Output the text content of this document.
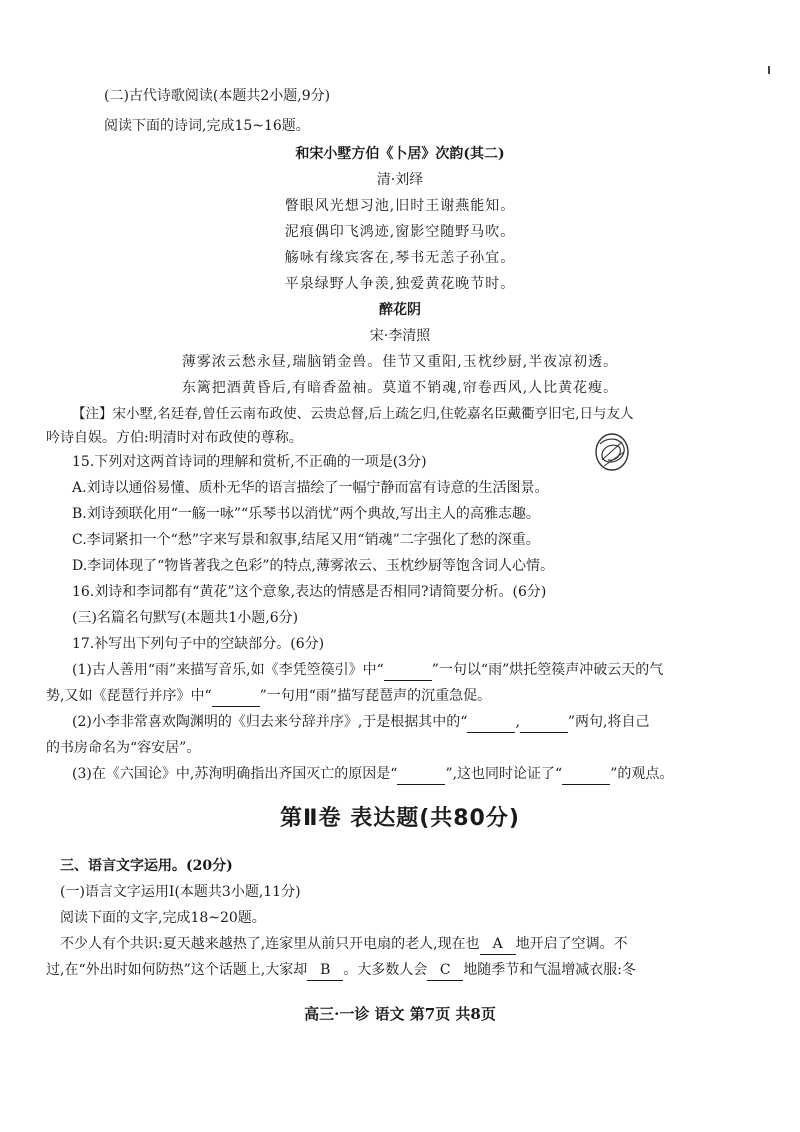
(二)古代诗歌阅读(本题共2小题,9分)
阅读下面的诗词,完成15~16题。
和宋小墅方伯《卜居》次韵(其二)
清·刘绎
瞥眼风光想习池,旧时王谢燕能知。
泥痕偶印飞鸿迹,窗影空随野马吹。
觞咏有缘宾客在,琴书无恙子孙宜。
平泉绿野人争羡,独爱黄花晚节时。
醉花阴
宋·李清照
薄雾浓云愁永昼,瑞脑销金兽。佳节又重阳,玉枕纱厨,半夜凉初透。
东篱把酒黄昏后,有暗香盈袖。莫道不销魂,帘卷西风,人比黄花瘦。
【注】宋小墅,名廷春,曾任云南布政使、云贵总督,后上疏乞归,住乾嘉名臣戴衢亨旧宅,日与友人
吟诗自娱。方伯:明清时对布政使的尊称。
15.下列对这两首诗词的理解和赏析,不正确的一项是(3分)
A.刘诗以通俗易懂、质朴无华的语言描绘了一幅宁静而富有诗意的生活图景。
B.刘诗颈联化用“一觞一咏”“乐琴书以消忧”两个典故,写出主人的高雅志趣。
C.李词紧扣一个“愁”字来写景和叙事,结尾又用“销魂”二字强化了愁的深重。
D.李词体现了“物皆著我之色彩”的特点,薄雾浓云、玉枕纱厨等饱含词人心情。
16.刘诗和李词都有“黄花”这个意象,表达的情感是否相同?请简要分析。(6分)
(三)名篇名句默写(本题共1小题,6分)
17.补写出下列句子中的空缺部分。(6分)
(1)古人善用“雨”来描写音乐,如《李凭箜篌引》中“	”一句以“雨”烘托箜篌声冲破云天的气
势,又如《琵琶行并序》中“	”一句用“雨”描写琵琶声的沉重急促。
(2)小李非常喜欢陶渊明的《归去来兮辞并序》,于是根据其中的“	,	”两句,将自己
的书房命名为“容安居”。
(3)在《六国论》中,苏洵明确指出齐国灭亡的原因是“	”,这也同时论证了“	”的观点。
第Ⅱ卷 表达题(共80分)
三、语言文字运用。(20分)
(一)语言文字运用Ⅰ(本题共3小题,11分)
阅读下面的文字,完成18~20题。
不少人有个共识:夏天越来越热了,连家里从前只开电扇的老人,现在也 A 地开启了空调。不
过,在“外出时如何防热”这个话题上,大家却 B 。大多数人会 C 地随季节和气温增减衣服:冬
高三·一诊 语文 第7页 共8页
